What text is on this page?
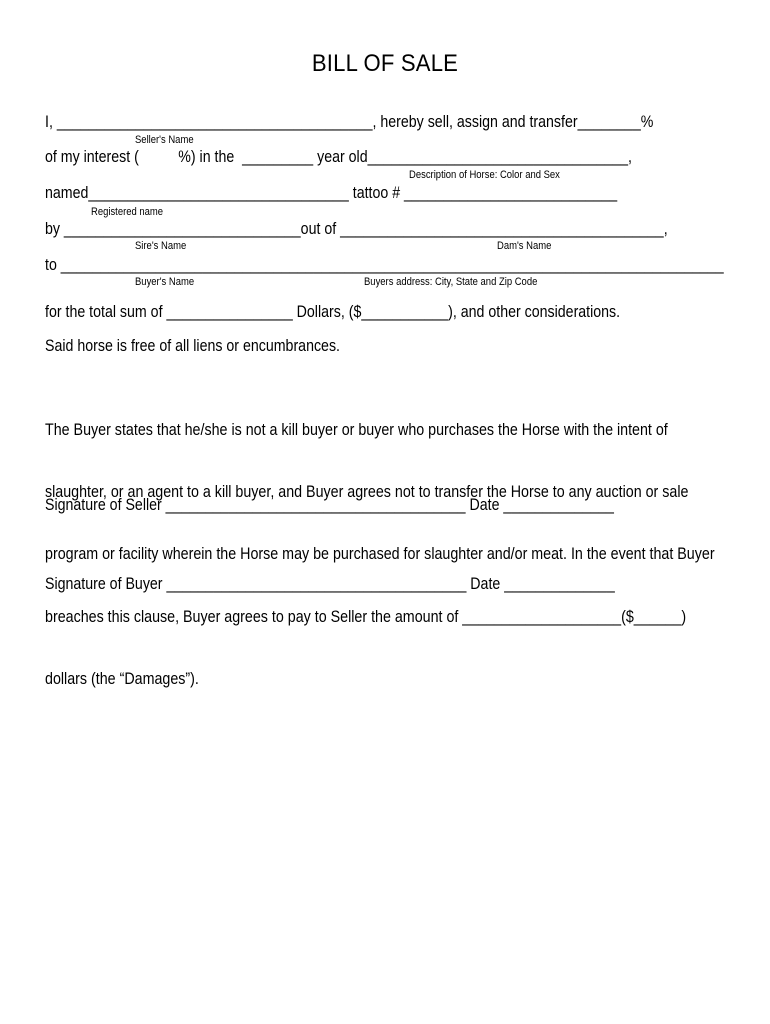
BILL OF SALE
I, ________________________________________, hereby sell, assign and transfer________%
Seller's Name
of my interest (          %) in the  _________ year old_________________________________,
Description of Horse: Color and Sex
named_________________________________ tattoo # ___________________________
Registered name
by ______________________________out of _________________________________________,
Sire's Name	Dam's Name
to ____________________________________________________________________________________
Buyer's Name	Buyers address: City, State and Zip Code
for the total sum of ________________ Dollars, ($___________), and other considerations.
Said horse is free of all liens or encumbrances.

The Buyer states that he/she is not a kill buyer or buyer who purchases the Horse with the intent of

slaughter, or an agent to a kill buyer, and Buyer agrees not to transfer the Horse to any auction or sale

program or facility wherein the Horse may be purchased for slaughter and/or meat. In the event that Buyer

breaches this clause, Buyer agrees to pay to Seller the amount of ____________________($______)

dollars (the “Damages”).

Signature of Seller ______________________________________ Date ______________
Signature of Buyer ______________________________________ Date ______________
